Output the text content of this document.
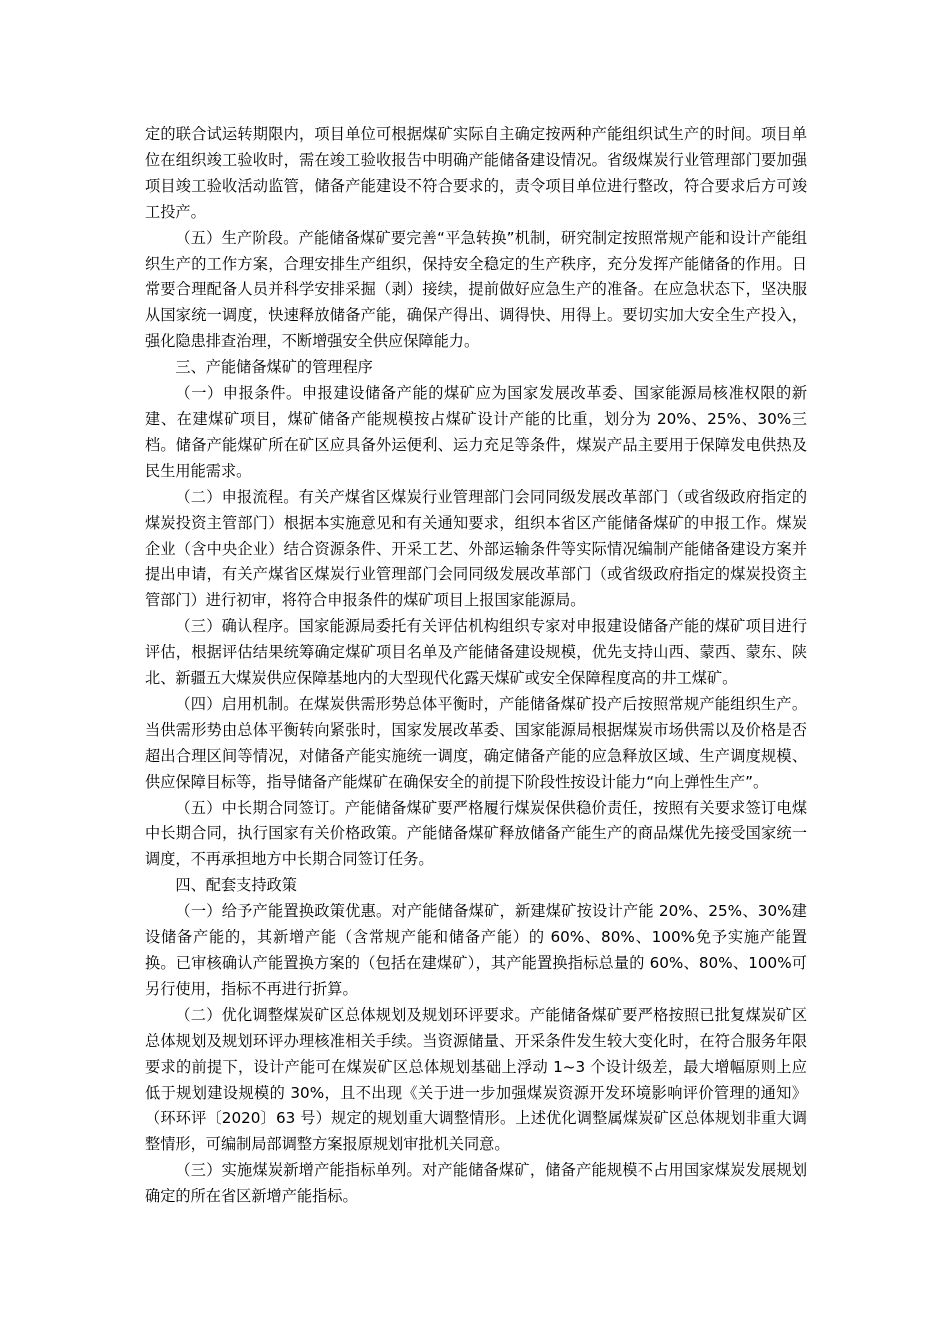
定的联合试运转期限内，项目单位可根据煤矿实际自主确定按两种产能组织试生产的时间。项目单位在组织竣工验收时，需在竣工验收报告中明确产能储备建设情况。省级煤炭行业管理部门要加强项目竣工验收活动监管，储备产能建设不符合要求的，责令项目单位进行整改，符合要求后方可竣工投产。

（五）生产阶段。产能储备煤矿要完善“平急转换”机制，研究制定按照常规产能和设计产能组织生产的工作方案，合理安排生产组织，保持安全稳定的生产秩序，充分发挥产能储备的作用。日常要合理配备人员并科学安排采掘（剥）接续，提前做好应急生产的准备。在应急状态下，坚决服从国家统一调度，快速释放储备产能，确保产得出、调得快、用得上。要切实加大安全生产投入，强化隐患排查治理，不断增强安全供应保障能力。

三、产能储备煤矿的管理程序

（一）申报条件。申报建设储备产能的煤矿应为国家发展改革委、国家能源局核准权限的新建、在建煤矿项目，煤矿储备产能规模按占煤矿设计产能的比重，划分为 20%、25%、30%三档。储备产能煤矿所在矿区应具备外运便利、运力充足等条件，煤炭产品主要用于保障发电供热及民生用能需求。

（二）申报流程。有关产煤省区煤炭行业管理部门会同同级发展改革部门（或省级政府指定的煤炭投资主管部门）根据本实施意见和有关通知要求，组织本省区产能储备煤矿的申报工作。煤炭企业（含中央企业）结合资源条件、开采工艺、外部运输条件等实际情况编制产能储备建设方案并提出申请，有关产煤省区煤炭行业管理部门会同同级发展改革部门（或省级政府指定的煤炭投资主管部门）进行初审，将符合申报条件的煤矿项目上报国家能源局。

（三）确认程序。国家能源局委托有关评估机构组织专家对申报建设储备产能的煤矿项目进行评估，根据评估结果统筹确定煤矿项目名单及产能储备建设规模，优先支持山西、蒙西、蒙东、陕北、新疆五大煤炭供应保障基地内的大型现代化露天煤矿或安全保障程度高的井工煤矿。

（四）启用机制。在煤炭供需形势总体平衡时，产能储备煤矿投产后按照常规产能组织生产。当供需形势由总体平衡转向紧张时，国家发展改革委、国家能源局根据煤炭市场供需以及价格是否超出合理区间等情况，对储备产能实施统一调度，确定储备产能的应急释放区域、生产调度规模、供应保障目标等，指导储备产能煤矿在确保安全的前提下阶段性按设计能力“向上弹性生产”。

（五）中长期合同签订。产能储备煤矿要严格履行煤炭保供稳价责任，按照有关要求签订电煤中长期合同，执行国家有关价格政策。产能储备煤矿释放储备产能生产的商品煤优先接受国家统一调度，不再承担地方中长期合同签订任务。

四、配套支持政策

（一）给予产能置换政策优惠。对产能储备煤矿，新建煤矿按设计产能 20%、25%、30%建设储备产能的，其新增产能（含常规产能和储备产能）的 60%、80%、100%免予实施产能置换。已审核确认产能置换方案的（包括在建煤矿），其产能置换指标总量的 60%、80%、100%可另行使用，指标不再进行折算。

（二）优化调整煤炭矿区总体规划及规划环评要求。产能储备煤矿要严格按照已批复煤炭矿区总体规划及规划环评办理核准相关手续。当资源储量、开采条件发生较大变化时，在符合服务年限要求的前提下，设计产能可在煤炭矿区总体规划基础上浮动 1~3 个设计级差，最大增幅原则上应低于规划建设规模的 30%，且不出现《关于进一步加强煤炭资源开发环境影响评价管理的通知》（环环评〔2020〕63 号）规定的规划重大调整情形。上述优化调整属煤炭矿区总体规划非重大调整情形，可编制局部调整方案报原规划审批机关同意。

（三）实施煤炭新增产能指标单列。对产能储备煤矿，储备产能规模不占用国家煤炭发展规划确定的所在省区新增产能指标。
